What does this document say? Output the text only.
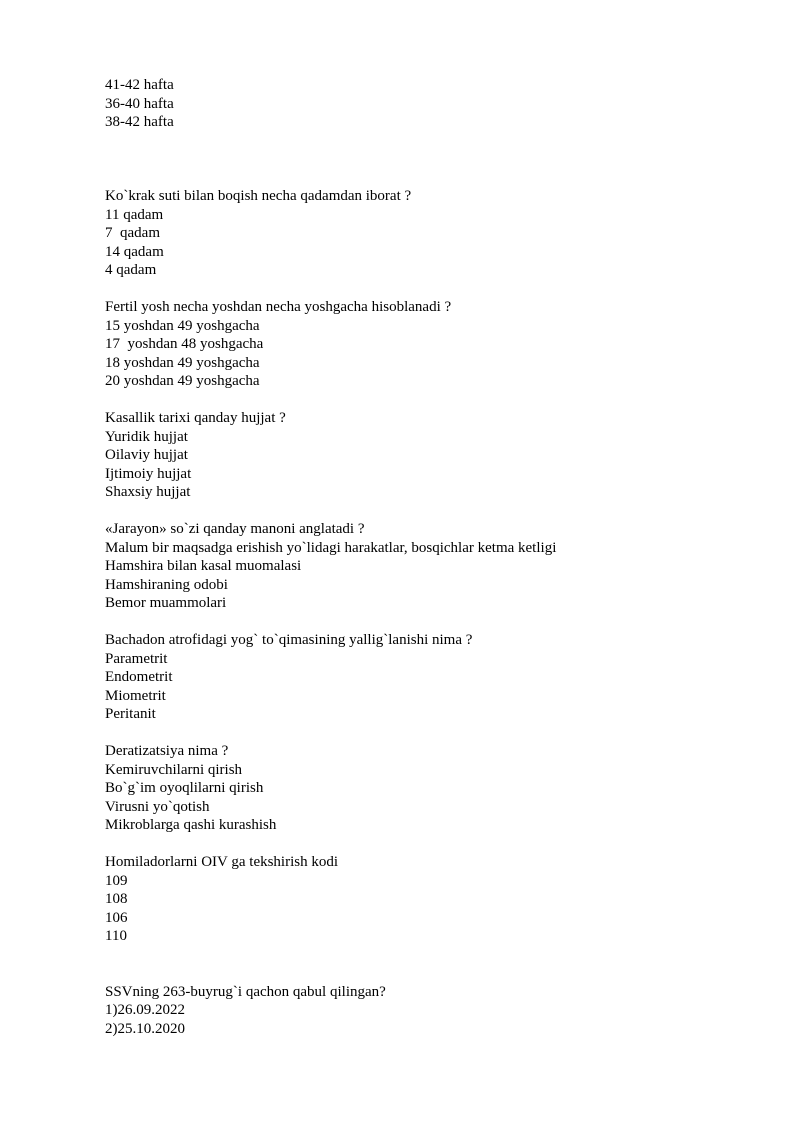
41-42 hafta
36-40 hafta
38-42 hafta
Ko`krak suti bilan boqish necha qadamdan iborat ?
11 qadam
7  qadam
14 qadam
4 qadam
Fertil yosh necha yoshdan necha yoshgacha hisoblanadi ?
15 yoshdan 49 yoshgacha
17  yoshdan 48 yoshgacha
18 yoshdan 49 yoshgacha
20 yoshdan 49 yoshgacha
Kasallik tarixi qanday hujjat ?
Yuridik hujjat
Oilaviy hujjat
Ijtimoiy hujjat
Shaxsiy hujjat
«Jarayon» so`zi qanday manoni anglatadi ?
Malum bir maqsadga erishish yo`lidagi harakatlar, bosqichlar ketma ketligi
Hamshira bilan kasal muomalasi
Hamshiraning odobi
Bemor muammolari
Bachadon atrofidagi yog` to`qimasining yallig`lanishi nima ?
Parametrit
Endometrit
Miometrit
Peritanit
Deratizatsiya nima ?
Kemiruvchilarni qirish
Bo`g`im oyoqlilarni qirish
Virusni yo`qotish
Mikroblarga qashi kurashish
Homiladorlarni OIV ga tekshirish kodi
109
108
106
110
SSVning 263-buyrug`i qachon qabul qilingan?
1)26.09.2022
2)25.10.2020
